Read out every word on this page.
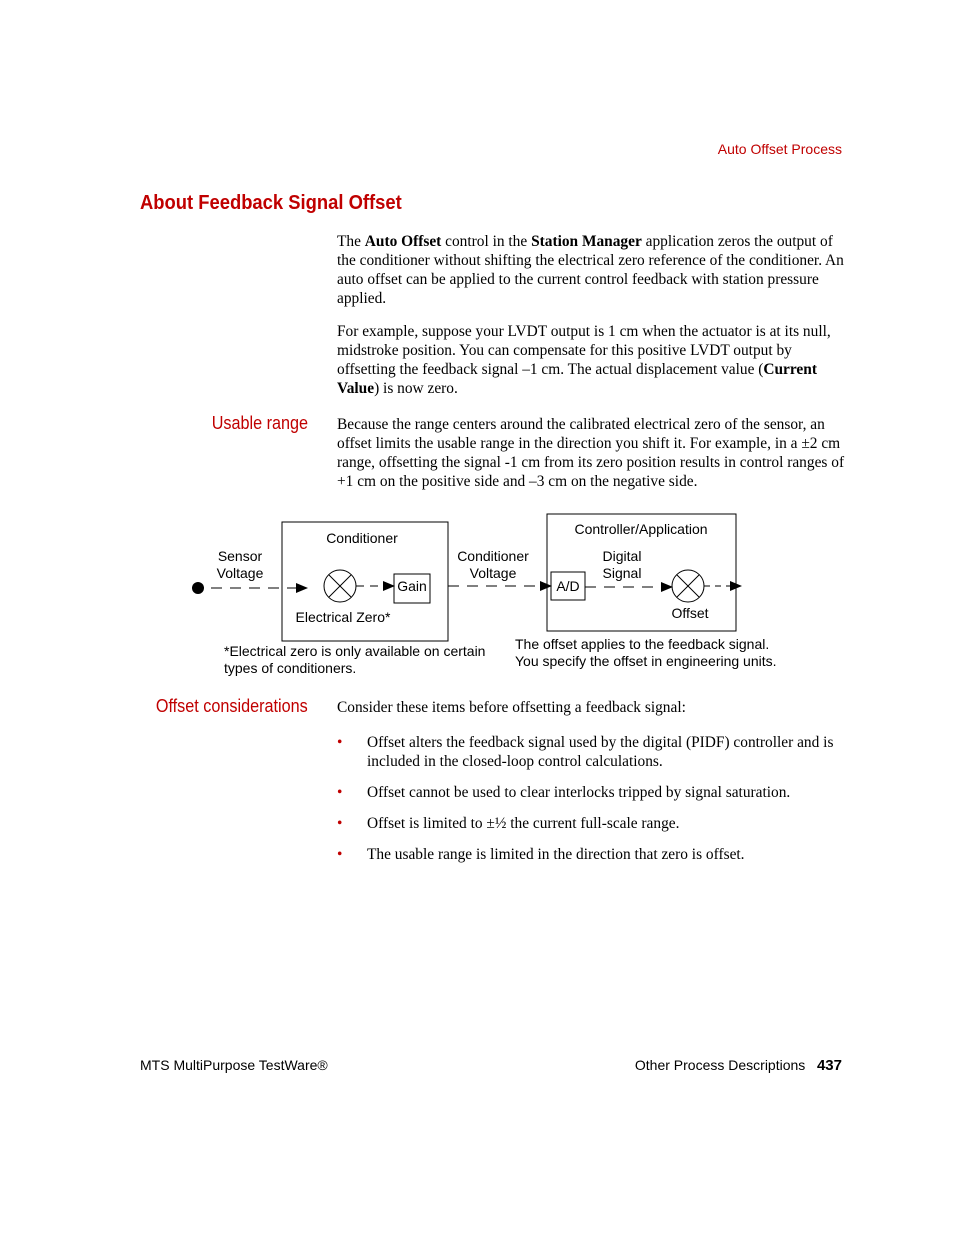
Auto Offset Process
About Feedback Signal Offset

The Auto Offset control in the Station Manager application zeros the output of the conditioner without shifting the electrical zero reference of the conditioner. An auto offset can be applied to the current control feedback with station pressure applied.

For example, suppose your LVDT output is 1 cm when the actuator is at its null, midstroke position. You can compensate for this positive LVDT output by offsetting the feedback signal –1 cm. The actual displacement value (Current Value) is now zero.

Usable range Because the range centers around the calibrated electrical zero of the sensor, an offset limits the usable range in the direction you shift it. For example, in a ±2 cm range, offsetting the signal -1 cm from its zero position results in control ranges of +1 cm on the positive side and –3 cm on the negative side.

Sensor
Voltage
Conditioner
Electrical Zero*
Gain
Conditioner
Voltage
Controller/Application
A/D
Digital
Signal
Offset
*Electrical zero is only available on certain
types of conditioners.
The offset applies to the feedback signal.
You specify the offset in engineering units.
Offset considerations Consider these items before offsetting a feedback signal:

• Offset alters the feedback signal used by the digital (PIDF) controller and is included in the closed-loop control calculations.
• Offset cannot be used to clear interlocks tripped by signal saturation.
• Offset is limited to ±½ the current full-scale range.
• The usable range is limited in the direction that zero is offset.
MTS MultiPurpose TestWare®	Other Process Descriptions 437
